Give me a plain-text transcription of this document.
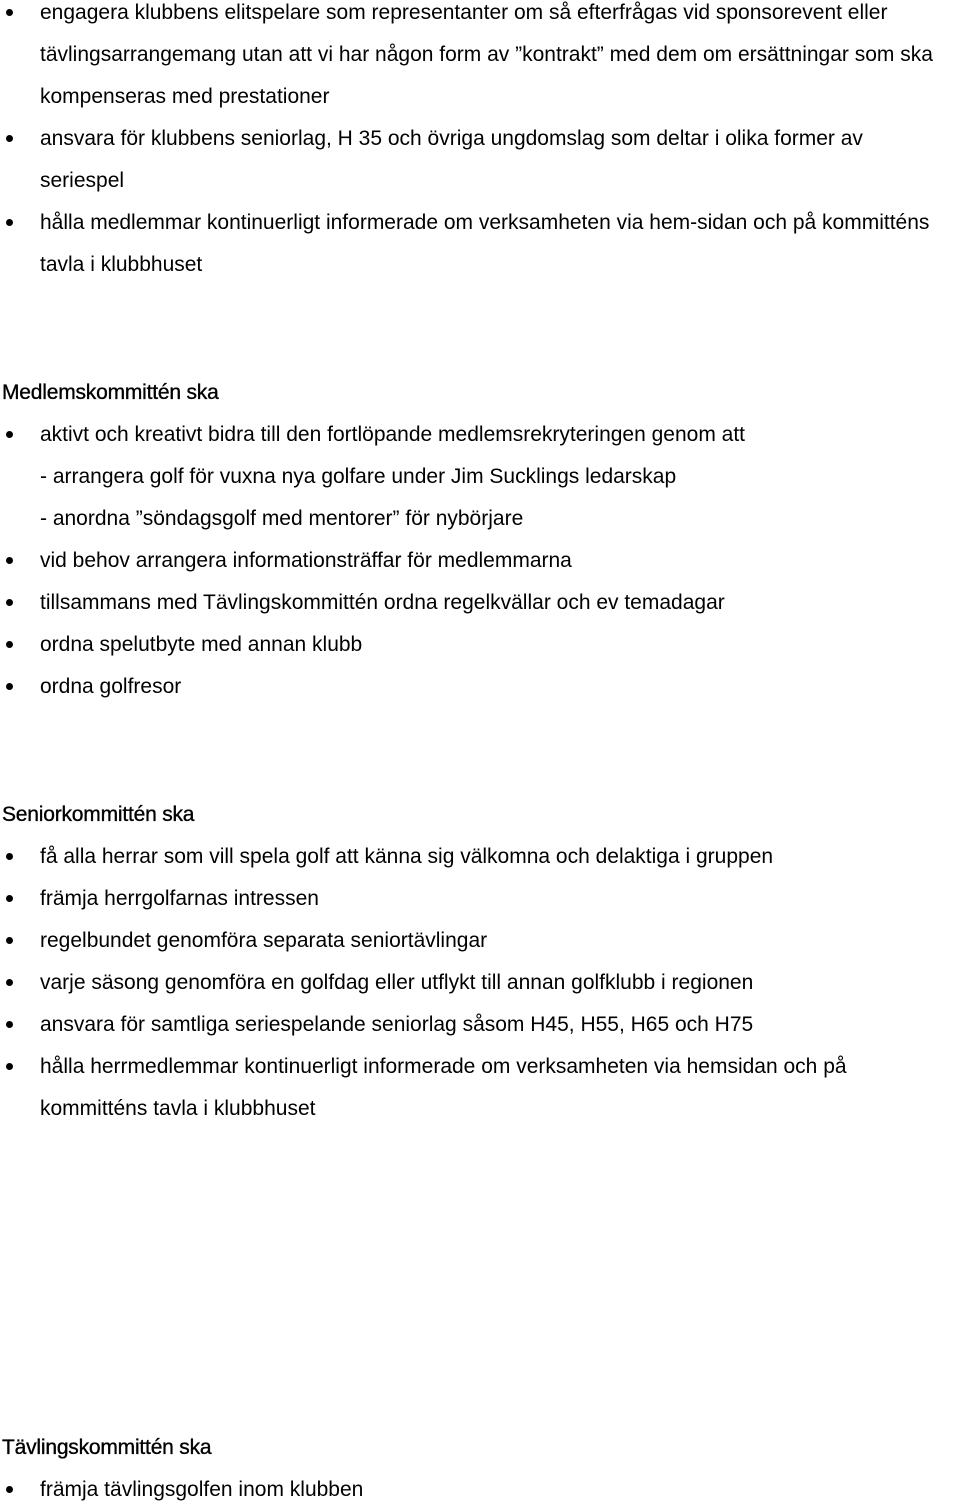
engagera klubbens elitspelare som representanter om så efterfrågas vid sponsorevent eller tävlingsarrangemang utan att vi har någon form av ”kontrakt” med dem om ersättningar som ska kompenseras med prestationer
ansvara för klubbens seniorlag, H 35 och övriga ungdomslag som deltar i olika former av seriespel
hålla medlemmar kontinuerligt informerade om verksamheten via hem-sidan och på kommitténs tavla i klubbhuset
Medlemskommittén ska
aktivt och kreativt bidra till den fortlöpande medlemsrekryteringen genom att
- arrangera golf för vuxna nya golfare under Jim Sucklings ledarskap
- anordna ”söndagsgolf med mentorer” för nybörjare
vid behov arrangera informationsträffar för medlemmarna
tillsammans med Tävlingskommittén ordna regelkvällar och ev temadagar
ordna spelutbyte med annan klubb
ordna golfresor
Seniorkommittén ska
få alla herrar som vill spela golf att känna sig välkomna och delaktiga i gruppen
främja herrgolfarnas intressen
regelbundet genomföra separata seniortävlingar
varje säsong genomföra en golfdag eller utflykt till annan golfklubb i regionen
ansvara för samtliga seriespelande seniorlag såsom H45, H55, H65 och H75
hålla herrmedlemmar kontinuerligt informerade om verksamheten via hemsidan och på kommitténs tavla i klubbhuset
Tävlingskommittén ska
främja tävlingsgolfen inom klubben
